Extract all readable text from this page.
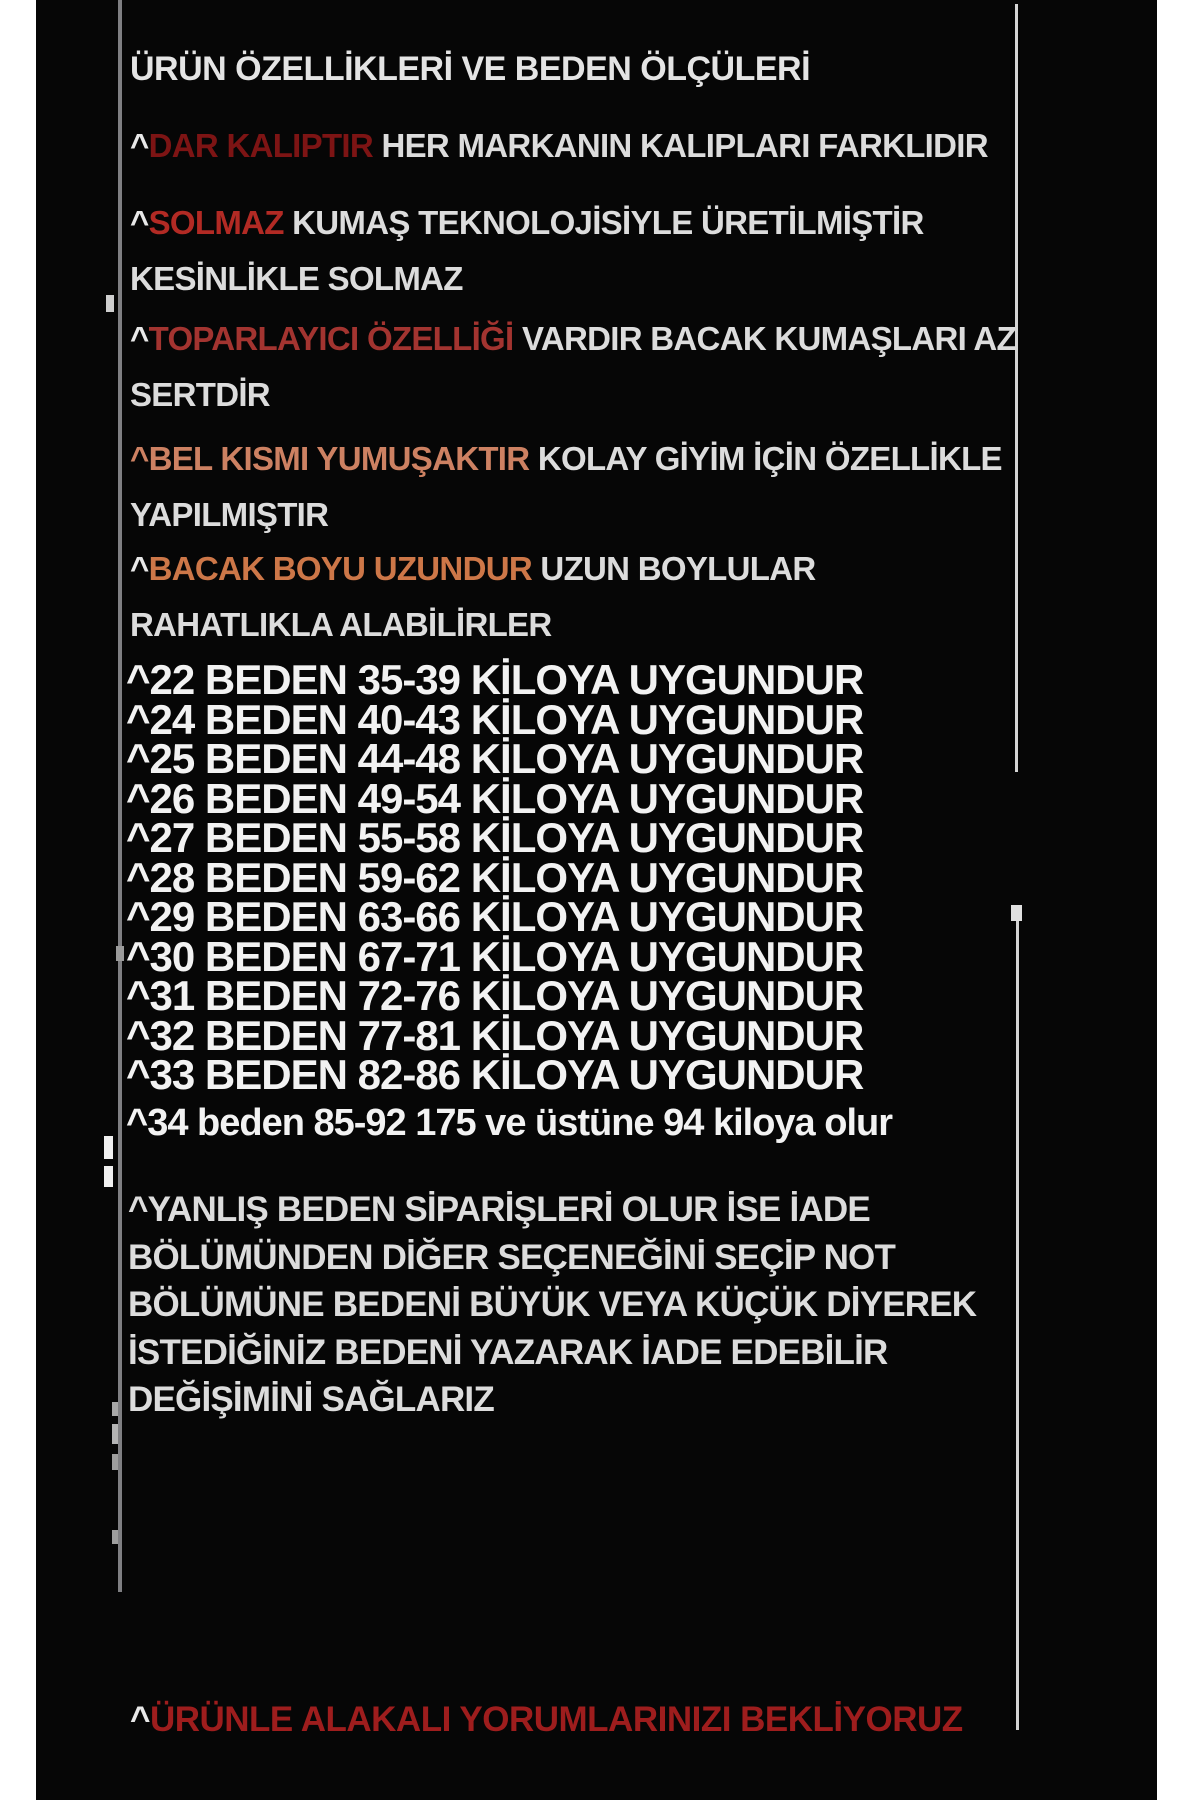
ÜRÜN ÖZELLİKLERİ VE BEDEN ÖLÇÜLERİ
^DAR KALIPTIR HER MARKANIN KALIPLARI FARKLIDIR
^SOLMAZ KUMAŞ TEKNOLOJİSİYLE ÜRETİLMİŞTİR
KESİNLİKLE SOLMAZ
^TOPARLAYICI ÖZELLİĞİ VARDIR BACAK KUMAŞLARI AZ
SERTDİR
^BEL KISMI YUMUŞAKTIR KOLAY GİYİM İÇİN ÖZELLİKLE
YAPILMIŞTIR
^BACAK BOYU UZUNDUR UZUN BOYLULAR
RAHATLIKLA ALABİLİRLER
^22 BEDEN 35-39 KİLOYA UYGUNDUR
^24 BEDEN 40-43 KİLOYA UYGUNDUR
^25 BEDEN 44-48 KİLOYA UYGUNDUR
^26 BEDEN 49-54 KİLOYA UYGUNDUR
^27 BEDEN 55-58 KİLOYA UYGUNDUR
^28 BEDEN 59-62 KİLOYA UYGUNDUR
^29 BEDEN 63-66 KİLOYA UYGUNDUR
^30 BEDEN 67-71 KİLOYA UYGUNDUR
^31 BEDEN 72-76 KİLOYA UYGUNDUR
^32 BEDEN 77-81 KİLOYA UYGUNDUR
^33 BEDEN 82-86 KİLOYA UYGUNDUR
^34 beden 85-92 175 ve üstüne 94 kiloya olur
^YANLIŞ BEDEN SİPARİŞLERİ OLUR İSE İADE
BÖLÜMÜNDEN DİĞER SEÇENEĞİNİ SEÇİP NOT
BÖLÜMÜNE BEDENİ BÜYÜK VEYA KÜÇÜK DİYEREK
İSTEDİĞİNİZ BEDENİ YAZARAK İADE EDEBİLİR
DEĞİŞİMİNİ SAĞLARIZ
^ÜRÜNLE ALAKALI YORUMLARINIZI BEKLİYORUZ
